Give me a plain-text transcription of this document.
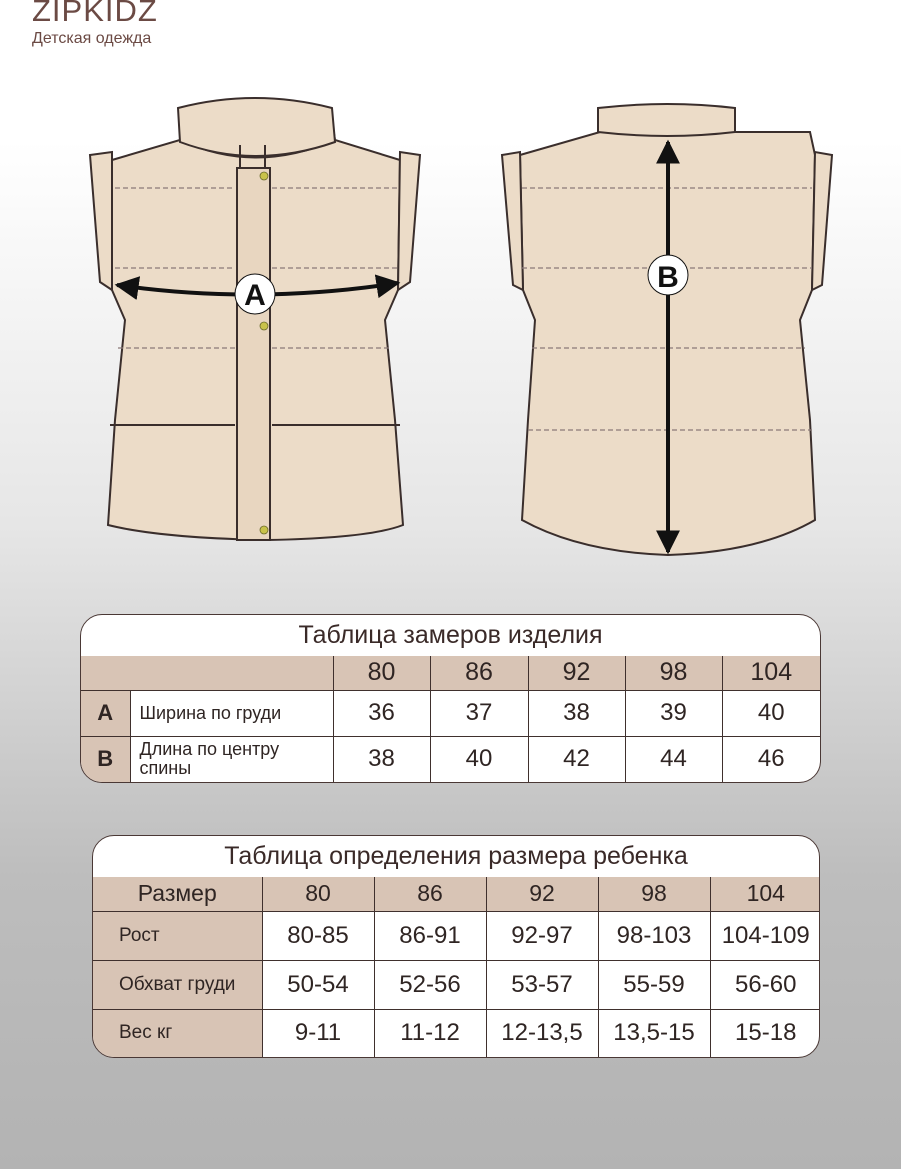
ZIPKIDZ
Детская одежда
A
B
Таблица замеров изделия
		80	86	92	98	104
A	Ширина по груди	36	37	38	39	40
B	Длина по центру спины	38	40	42	44	46
Таблица определения размера ребенка
Размер	80	86	92	98	104
Рост	80-85	86-91	92-97	98-103	104-109
Обхват груди	50-54	52-56	53-57	55-59	56-60
Вес кг	9-11	11-12	12-13,5	13,5-15	15-18
